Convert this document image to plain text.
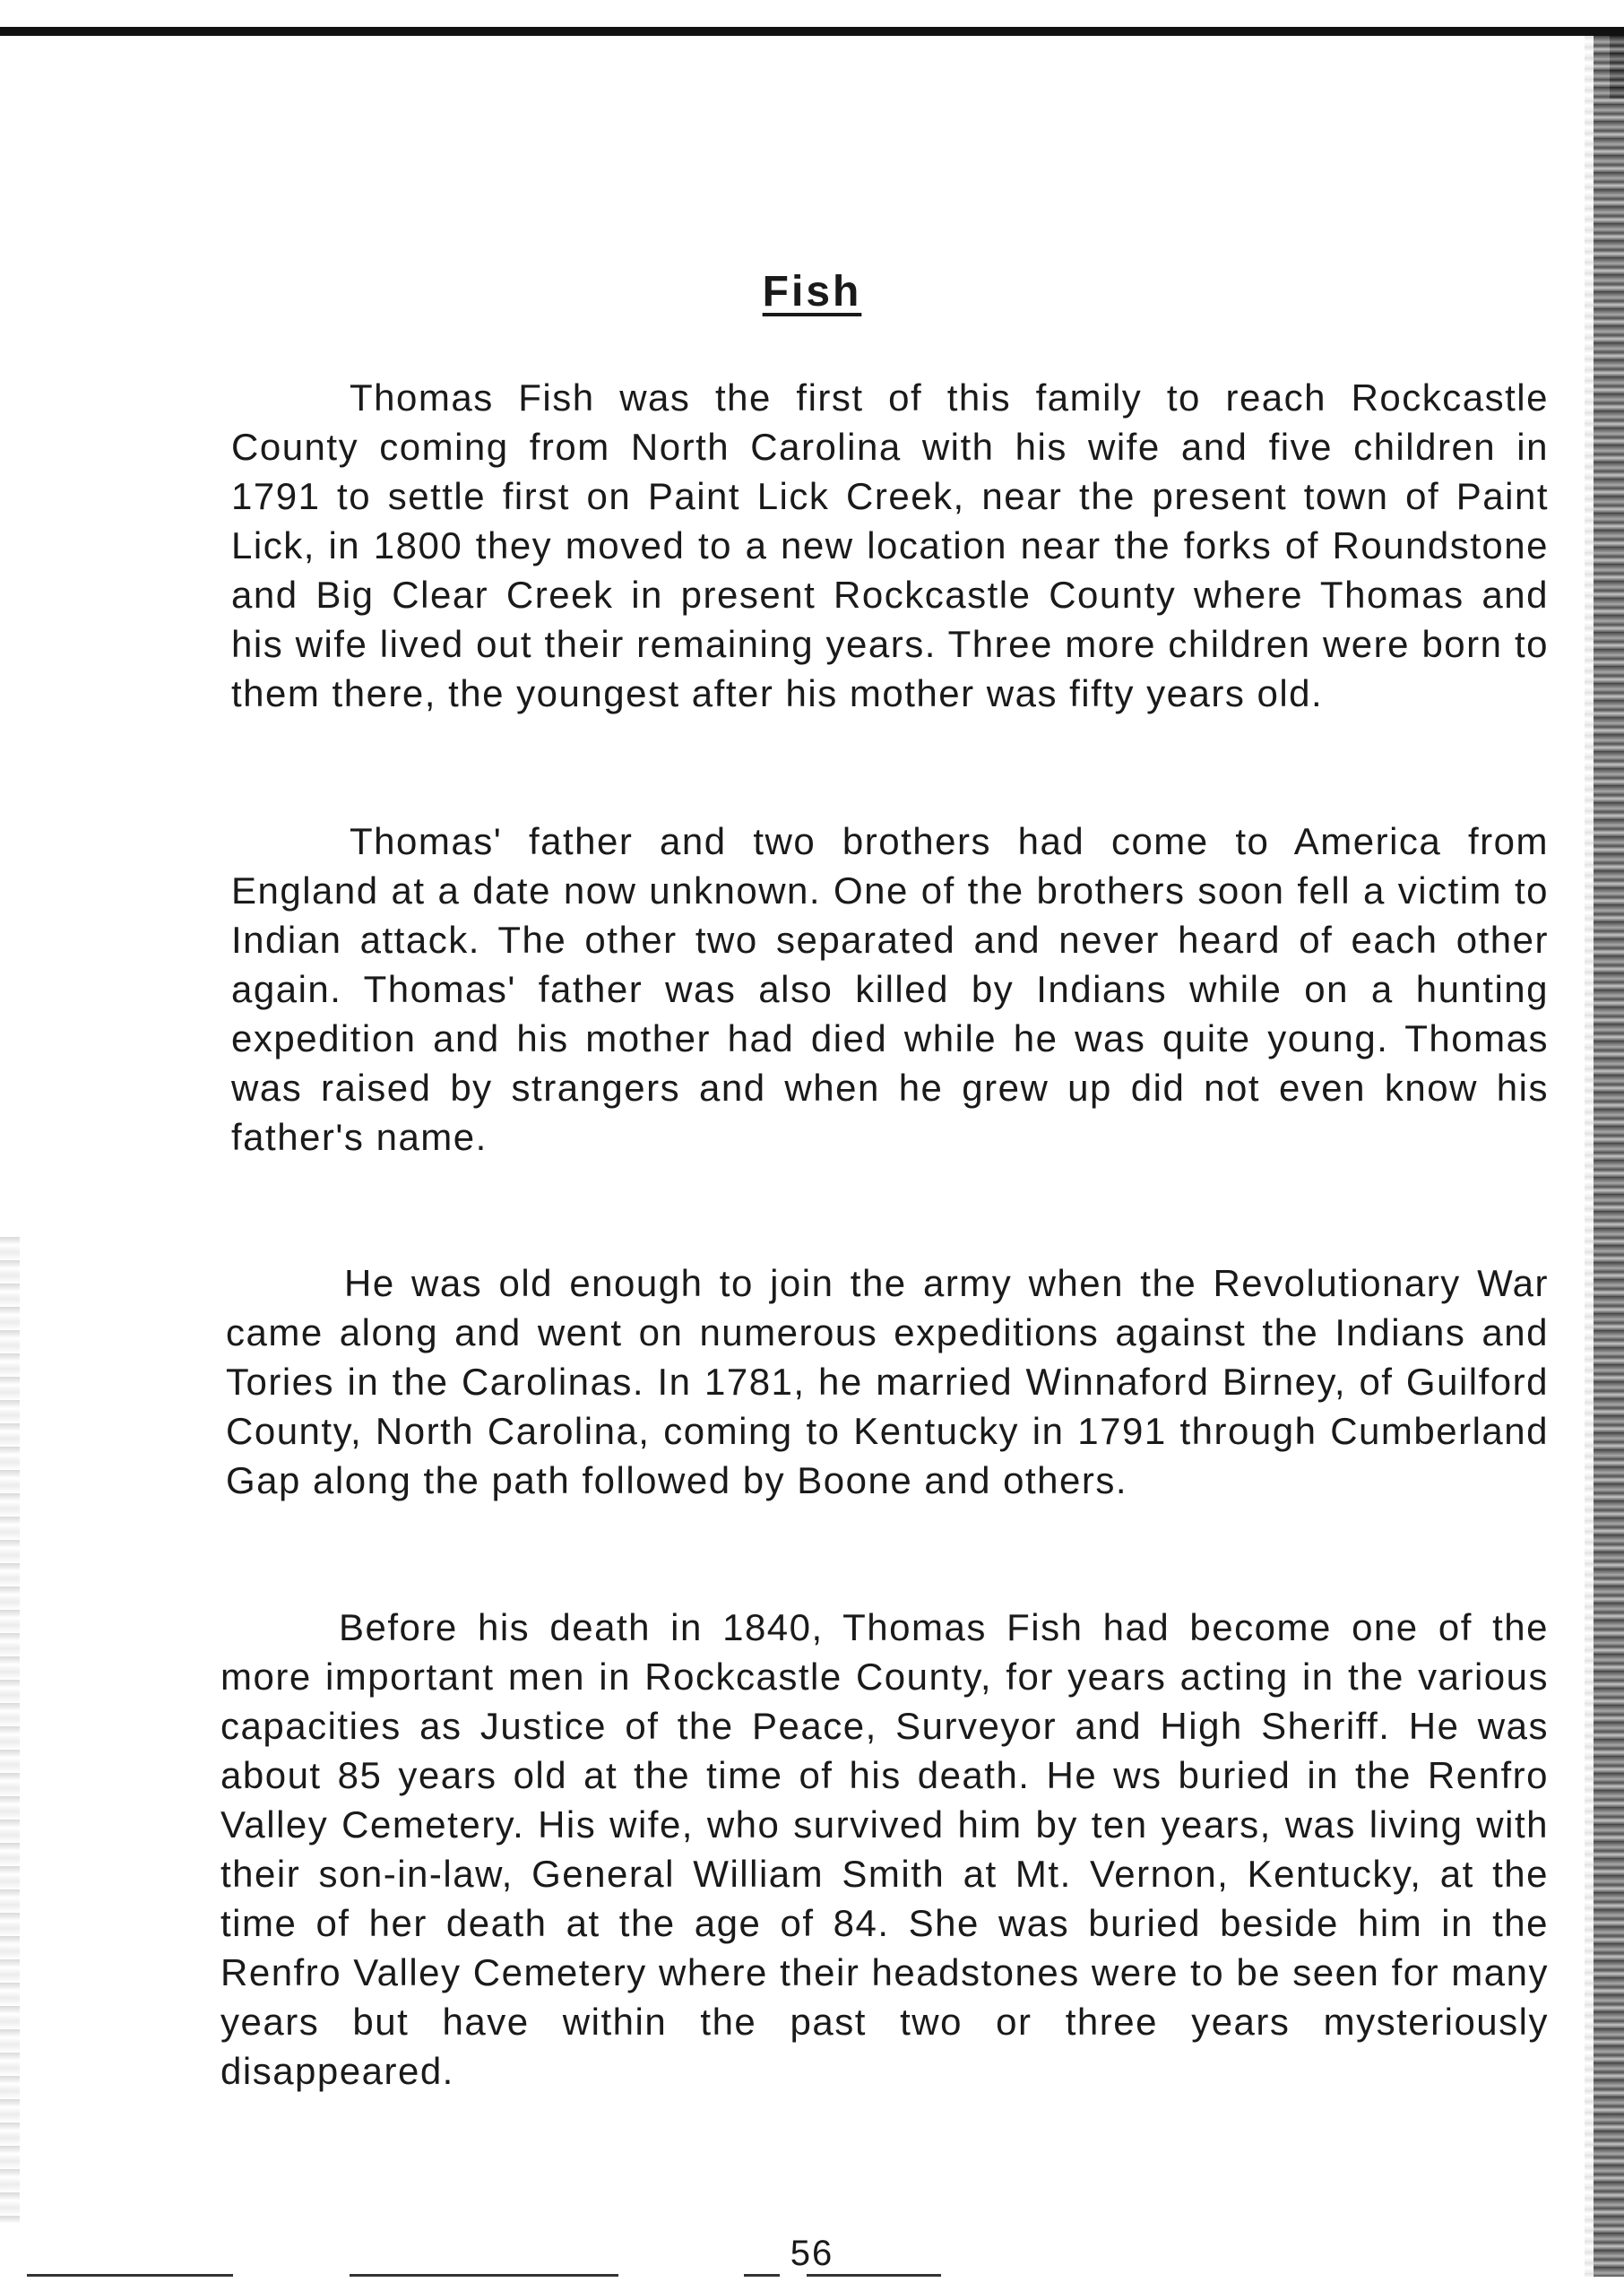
Fish

Thomas Fish was the first of this family to reach Rockcastle County coming from North Carolina with his wife and five children in 1791 to settle first on Paint Lick Creek, near the present town of Paint Lick, in 1800 they moved to a new location near the forks of Roundstone and Big Clear Creek in present Rockcastle County where Thomas and his wife lived out their remaining years. Three more children were born to them there, the youngest after his mother was fifty years old.

Thomas' father and two brothers had come to America from England at a date now unknown. One of the brothers soon fell a victim to Indian attack. The other two separated and never heard of each other again. Thomas' father was also killed by Indians while on a hunting expedition and his mother had died while he was quite young. Thomas was raised by strangers and when he grew up did not even know his father's name.

He was old enough to join the army when the Revolutionary War came along and went on numerous expeditions against the Indians and Tories in the Carolinas. In 1781, he married Winnaford Birney, of Guilford County, North Carolina, coming to Kentucky in 1791 through Cumberland Gap along the path followed by Boone and others.

Before his death in 1840, Thomas Fish had become one of the more important men in Rockcastle County, for years acting in the various capacities as Justice of the Peace, Surveyor and High Sheriff. He was about 85 years old at the time of his death. He ws buried in the Renfro Valley Cemetery. His wife, who survived him by ten years, was living with their son-in-law, General William Smith at Mt. Vernon, Kentucky, at the time of her death at the age of 84. She was buried beside him in the Renfro Valley Cemetery where their headstones were to be seen for many years but have within the past two or three years mysteriously disappeared.

56
